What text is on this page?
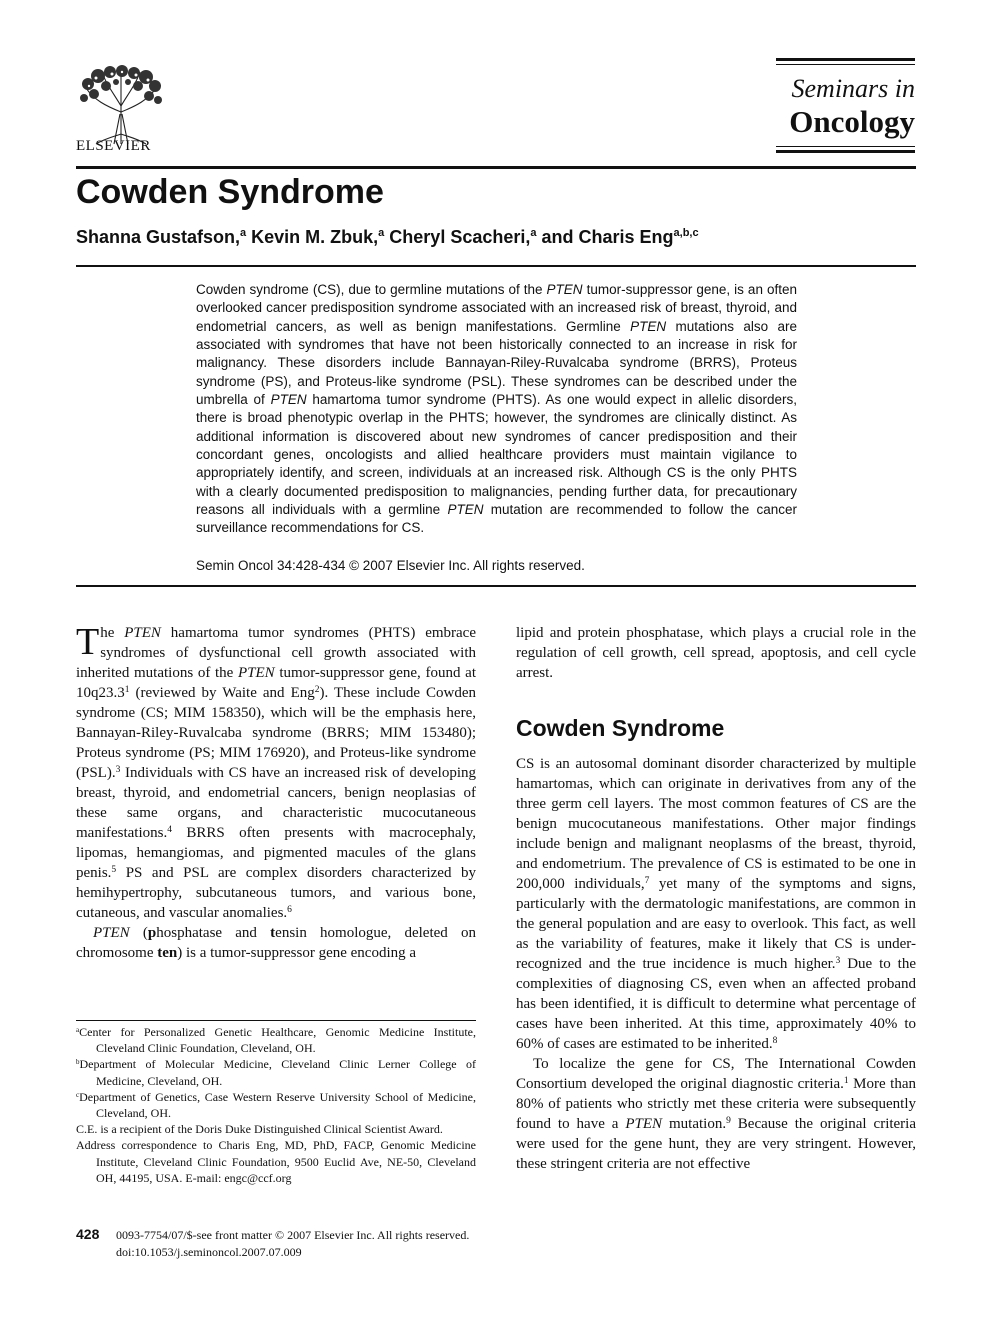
ELSEVIER
Seminars in
Oncology
Cowden Syndrome
Shanna Gustafson,$^a$ Kevin M. Zbuk,$^a$ Cheryl Scacheri,$^a$ and Charis Eng$^{a,b,c}$

Cowden syndrome (CS), due to germline mutations of the PTEN tumor-suppressor gene, is an often overlooked cancer predisposition syndrome associated with an increased risk of breast, thyroid, and endometrial cancers, as well as benign manifestations. Germline PTEN mutations also are associated with syndromes that have not been historically connected to an increase in risk for malignancy. These disorders include Bannayan-Riley-Ruvalcaba syndrome (BRRS), Proteus syndrome (PS), and Proteus-like syndrome (PSL). These syndromes can be described under the umbrella of PTEN hamartoma tumor syndrome (PHTS). As one would expect in allelic disorders, there is broad phenotypic overlap in the PHTS; however, the syndromes are clinically distinct. As additional information is discovered about new syndromes of cancer predisposition and their concordant genes, oncologists and allied healthcare providers must maintain vigilance to appropriately identify, and screen, individuals at an increased risk. Although CS is the only PHTS with a clearly documented predisposition to malignancies, pending further data, for precautionary reasons all individuals with a germline PTEN mutation are recommended to follow the cancer surveillance recommendations for CS.

Semin Oncol 34:428-434 © 2007 Elsevier Inc. All rights reserved.

The PTEN hamartoma tumor syndromes (PHTS) embrace syndromes of dysfunctional cell growth associated with inherited mutations of the PTEN tumor-suppressor gene, found at 10q23.3$^1$ (reviewed by Waite and Eng$^2$). These include Cowden syndrome (CS; MIM 158350), which will be the emphasis here, Bannayan-Riley-Ruvalcaba syndrome (BRRS; MIM 153480); Proteus syndrome (PS; MIM 176920), and Proteus-like syndrome (PSL).$^3$ Individuals with CS have an increased risk of developing breast, thyroid, and endometrial cancers, benign neoplasias of these same organs, and characteristic mucocutaneous manifestations.$^4$ BRRS often presents with macrocephaly, lipomas, hemangiomas, and pigmented macules of the glans penis.$^5$ PS and PSL are complex disorders characterized by hemihypertrophy, subcutaneous tumors, and various bone, cutaneous, and vascular anomalies.$^6$

PTEN (phosphatase and tensin homologue, deleted on chromosome ten) is a tumor-suppressor gene encoding a

$^a$Center for Personalized Genetic Healthcare, Genomic Medicine Institute, Cleveland Clinic Foundation, Cleveland, OH.

$^b$Department of Molecular Medicine, Cleveland Clinic Lerner College of Medicine, Cleveland, OH.

$^c$Department of Genetics, Case Western Reserve University School of Medicine, Cleveland, OH.

C.E. is a recipient of the Doris Duke Distinguished Clinical Scientist Award.

Address correspondence to Charis Eng, MD, PhD, FACP, Genomic Medicine Institute, Cleveland Clinic Foundation, 9500 Euclid Ave, NE-50, Cleveland OH, 44195, USA. E-mail: engc@ccf.org

lipid and protein phosphatase, which plays a crucial role in the regulation of cell growth, cell spread, apoptosis, and cell cycle arrest.

Cowden Syndrome

CS is an autosomal dominant disorder characterized by multiple hamartomas, which can originate in derivatives from any of the three germ cell layers. The most common features of CS are the benign mucocutaneous manifestations. Other major findings include benign and malignant neoplasms of the breast, thyroid, and endometrium. The prevalence of CS is estimated to be one in 200,000 individuals,$^7$ yet many of the symptoms and signs, particularly with the dermatologic manifestations, are common in the general population and are easy to overlook. This fact, as well as the variability of features, make it likely that CS is under-recognized and the true incidence is much higher.$^3$ Due to the complexities of diagnosing CS, even when an affected proband has been identified, it is difficult to determine what percentage of cases have been inherited. At this time, approximately 40% to 60% of cases are estimated to be inherited.$^8$

To localize the gene for CS, The International Cowden Consortium developed the original diagnostic criteria.$^1$ More than 80% of patients who strictly met these criteria were subsequently found to have a PTEN mutation.$^9$ Because the original criteria were used for the gene hunt, they are very stringent. However, these stringent criteria are not effective

428 0093-7754/07/$-see front matter © 2007 Elsevier Inc. All rights reserved.
doi:10.1053/j.seminoncol.2007.07.009
